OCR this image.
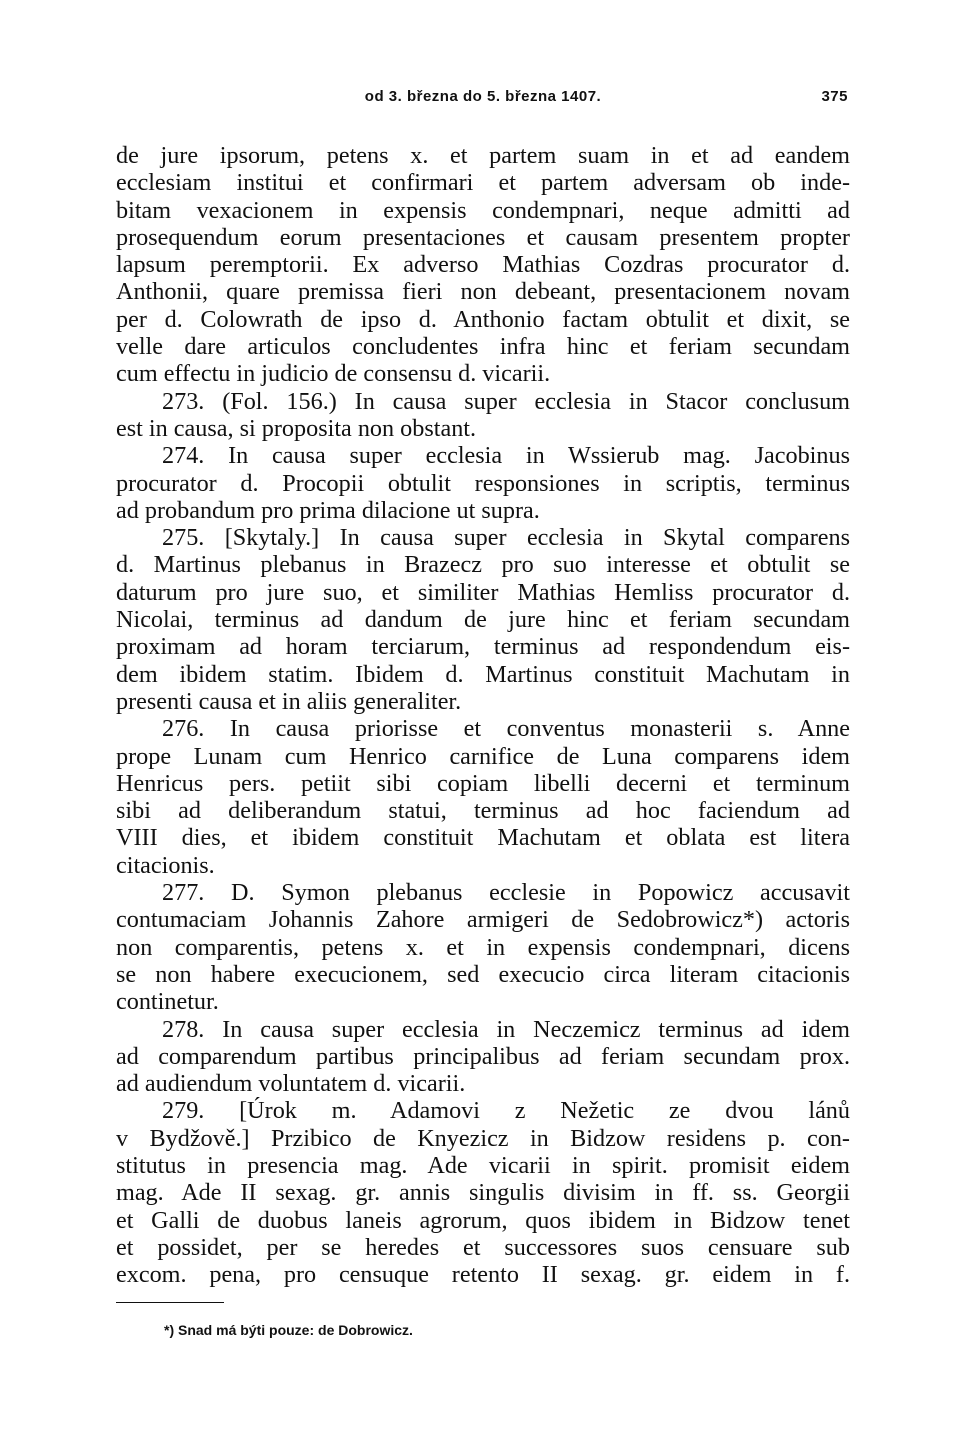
od 3. března do 5. března 1407.	375
de jure ipsorum, petens x. et partem suam in et ad eandem
ecclesiam institui et confirmari et partem adversam ob inde-
bitam vexacionem in expensis condempnari, neque admitti ad
prosequendum eorum presentaciones et causam presentem propter
lapsum peremptorii. Ex adverso Mathias Cozdras procurator d.
Anthonii, quare premissa fieri non debeant, presentacionem novam
per d. Colowrath de ipso d. Anthonio factam obtulit et dixit, se
velle dare articulos concludentes infra hinc et feriam secundam
cum effectu in judicio de consensu d. vicarii.
273. (Fol. 156.) In causa super ecclesia in Stacor conclusum
est in causa, si proposita non obstant.
274. In causa super ecclesia in Wssierub mag. Jacobinus
procurator d. Procopii obtulit responsiones in scriptis, terminus
ad probandum pro prima dilacione ut supra.
275. [Skytaly.] In causa super ecclesia in Skytal comparens
d. Martinus plebanus in Brazecz pro suo interesse et obtulit se
daturum pro jure suo, et similiter Mathias Hemliss procurator d.
Nicolai, terminus ad dandum de jure hinc et feriam secundam
proximam ad horam terciarum, terminus ad respondendum eis-
dem ibidem statim. Ibidem d. Martinus constituit Machutam in
presenti causa et in aliis generaliter.
276. In causa priorisse et conventus monasterii s. Anne
prope Lunam cum Henrico carnifice de Luna comparens idem
Henricus pers. petiit sibi copiam libelli decerni et terminum
sibi ad deliberandum statui, terminus ad hoc faciendum ad
VIII dies, et ibidem constituit Machutam et oblata est litera
citacionis.
277. D. Symon plebanus ecclesie in Popowicz accusavit
contumaciam Johannis Zahore armigeri de Sedobrowicz*) actoris
non comparentis, petens x. et in expensis condempnari, dicens
se non habere execucionem, sed execucio circa literam citacionis
continetur.
278. In causa super ecclesia in Neczemicz terminus ad idem
ad comparendum partibus principalibus ad feriam secundam prox.
ad audiendum voluntatem d. vicarii.
279. [Úrok m. Adamovi z Nežetic ze dvou lánů
v Bydžově.] Przibico de Knyezicz in Bidzow residens p. con-
stitutus in presencia mag. Ade vicarii in spirit. promisit eidem
mag. Ade II sexag. gr. annis singulis divisim in ff. ss. Georgii
et Galli de duobus laneis agrorum, quos ibidem in Bidzow tenet
et possidet, per se heredes et successores suos censuare sub
excom. pena, pro censuque retento II sexag. gr. eidem in f.
*) Snad má býti pouze: de Dobrowicz.
